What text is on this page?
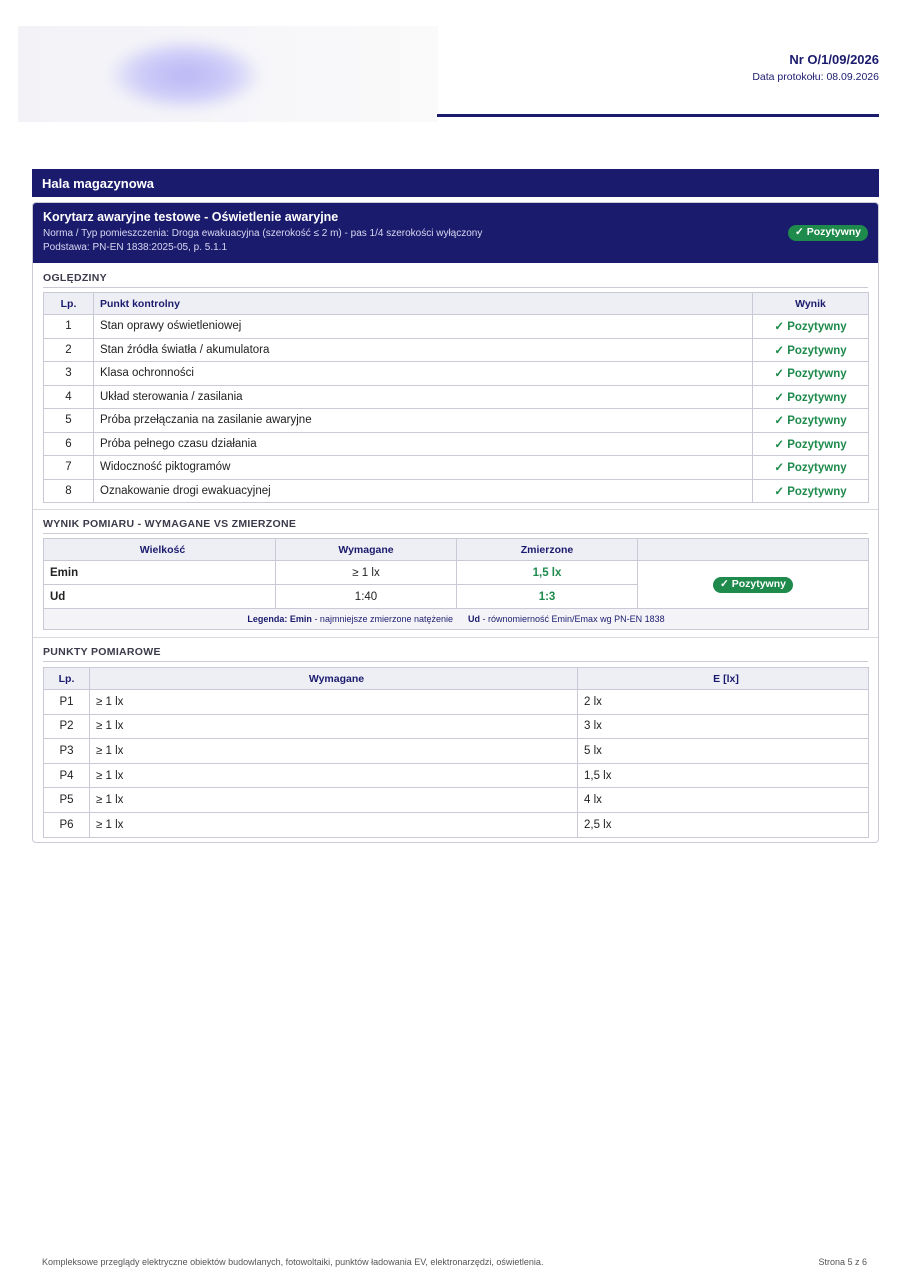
Nr O/1/09/2026
Data protokołu: 08.09.2026
Hala magazynowa
Korytarz awaryjne testowe - Oświetlenie awaryjne
Norma / Typ pomieszczenia: Droga ewakuacyjna (szerokość ≤ 2 m) - pas 1/4 szerokości wyłączony
Podstawa: PN-EN 1838:2025-05, p. 5.1.1
✓ Pozytywny
OGLĘDZINY
Lp.	Punkt kontrolny	Wynik
1	Stan oprawy oświetleniowej	✓ Pozytywny
2	Stan źródła światła / akumulatora	✓ Pozytywny
3	Klasa ochronności	✓ Pozytywny
4	Układ sterowania / zasilania	✓ Pozytywny
5	Próba przełączania na zasilanie awaryjne	✓ Pozytywny
6	Próba pełnego czasu działania	✓ Pozytywny
7	Widoczność piktogramów	✓ Pozytywny
8	Oznakowanie drogi ewakuacyjnej	✓ Pozytywny
WYNIK POMIARU - WYMAGANE VS ZMIERZONE
Wielkość	Wymagane	Zmierzone	
Emin	≥ 1 lx	1,5 lx	✓ Pozytywny
Ud	1:40	1:3	
Legenda: Emin - najmniejsze zmierzone natężenie Ud - równomierność Emin/Emax wg PN-EN 1838			
PUNKTY POMIAROWE
Lp.	Wymagane	E [lx]
P1	≥ 1 lx	2 lx
P2	≥ 1 lx	3 lx
P3	≥ 1 lx	5 lx
P4	≥ 1 lx	1,5 lx
P5	≥ 1 lx	4 lx
P6	≥ 1 lx	2,5 lx
Kompleksowe przeglądy elektryczne obiektów budowlanych, fotowoltaiki, punktów ładowania EV, elektronarzędzi, oświetlenia.	Strona 5 z 6
